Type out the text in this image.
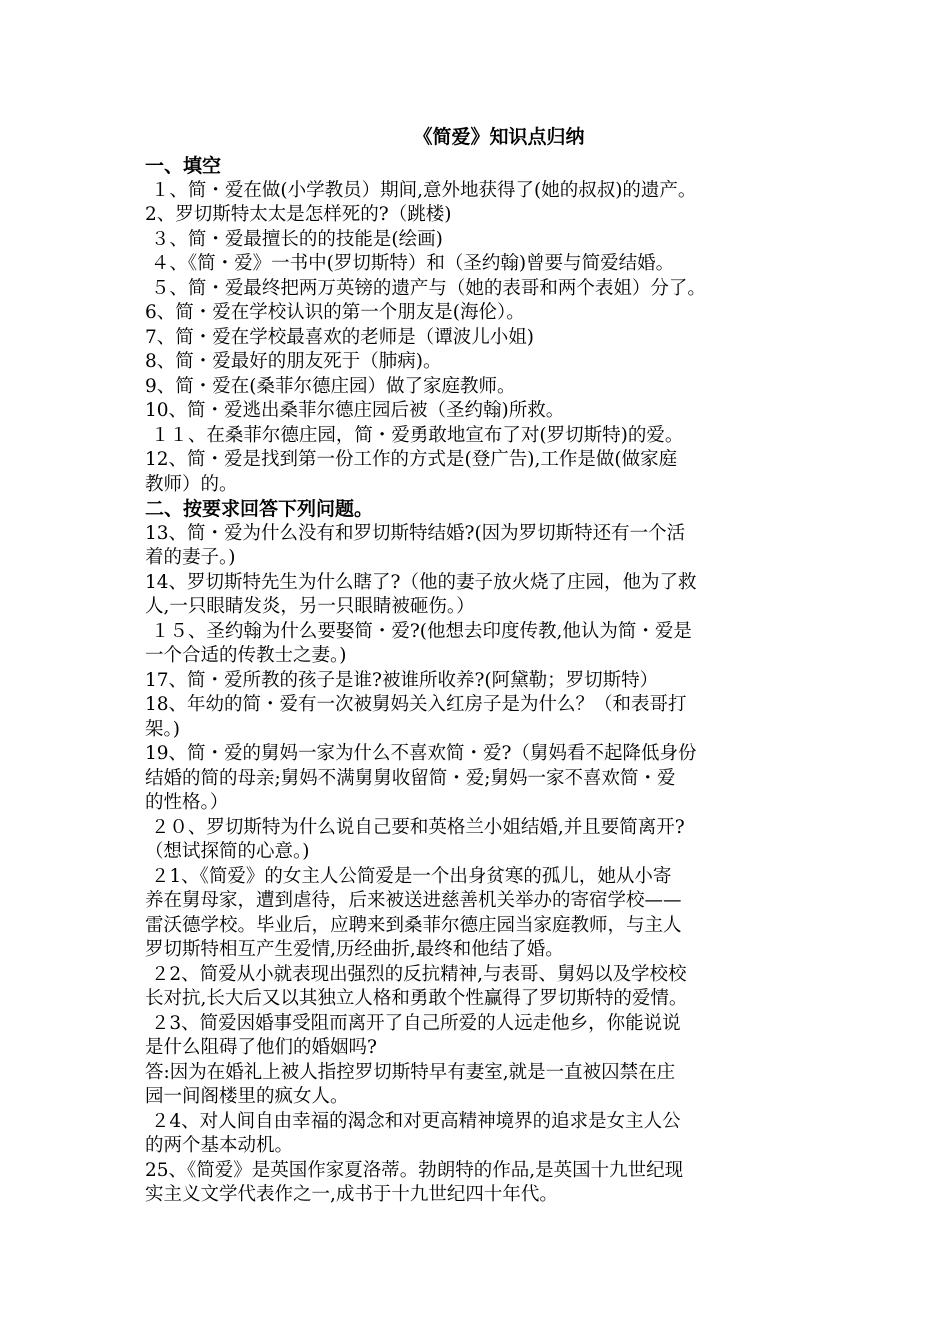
《简爱》知识点归纳

一、填空

１、简・爱在做(小学教员）期间,意外地获得了(她的叔叔)的遗产。

2、罗切斯特太太是怎样死的?（跳楼)

３、简・爱最擅长的的技能是(绘画)

４、《简・爱》一书中(罗切斯特）和（圣约翰)曾要与简爱结婚。

５、简・爱最终把两万英镑的遗产与（她的表哥和两个表姐）分了。

6、简・爱在学校认识的第一个朋友是(海伦）。

7、简・爱在学校最喜欢的老师是（谭波儿小姐)

8、简・爱最好的朋友死于（肺病)。

9、简・爱在(桑菲尔德庄园）做了家庭教师。

10、简・爱逃出桑菲尔德庄园后被（圣约翰)所救。

１１、在桑菲尔德庄园，简・爱勇敢地宣布了对(罗切斯特)的爱。

12、简・爱是找到第一份工作的方式是(登广告),工作是做(做家庭

教师）的。

二、按要求回答下列问题。

13、简・爱为什么没有和罗切斯特结婚?(因为罗切斯特还有一个活

着的妻子。)

14、罗切斯特先生为什么瞎了?（他的妻子放火烧了庄园，他为了救

人,一只眼睛发炎，另一只眼睛被砸伤。）

１５、圣约翰为什么要娶简・爱?(他想去印度传教,他认为简・爱是

一个合适的传教士之妻。)

17、简・爱所教的孩子是谁?被谁所收养?(阿黛勒；罗切斯特）

18、年幼的简・爱有一次被舅妈关入红房子是为什么？（和表哥打

架。)

19、简・爱的舅妈一家为什么不喜欢简・爱?（舅妈看不起降低身份

结婚的简的母亲;舅妈不满舅舅收留简・爱;舅妈一家不喜欢简・爱

的性格。）

２０、罗切斯特为什么说自己要和英格兰小姐结婚,并且要简离开?

（想试探简的心意。)

２1、《简爱》的女主人公简爱是一个出身贫寒的孤儿，她从小寄

养在舅母家，遭到虐待，后来被送进慈善机关举办的寄宿学校——

雷沃德学校。毕业后，应聘来到桑菲尔德庄园当家庭教师，与主人

罗切斯特相互产生爱情,历经曲折,最终和他结了婚。

２2、简爱从小就表现出强烈的反抗精神,与表哥、舅妈以及学校校

长对抗,长大后又以其独立人格和勇敢个性赢得了罗切斯特的爱情。

２3、简爱因婚事受阻而离开了自己所爱的人远走他乡，你能说说

是什么阻碍了他们的婚姻吗?

答:因为在婚礼上被人指控罗切斯特早有妻室,就是一直被囚禁在庄

园一间阁楼里的疯女人。

２4、对人间自由幸福的渴念和对更高精神境界的追求是女主人公

的两个基本动机。

25、《简爱》是英国作家夏洛蒂。勃朗特的作品,是英国十九世纪现

实主义文学代表作之一,成书于十九世纪四十年代。
